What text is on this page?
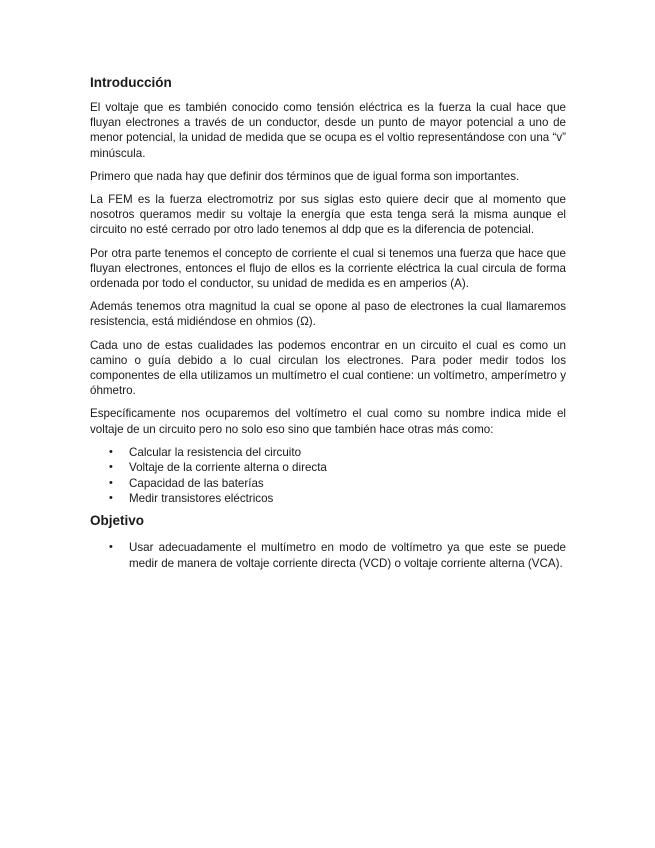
Introducción

El voltaje que es también conocido como tensión eléctrica es la fuerza la cual hace que fluyan electrones a través de un conductor, desde un punto de mayor potencial a uno de menor potencial, la unidad de medida que se ocupa es el voltio representándose con una “v” minúscula.

Primero que nada hay que definir dos términos que de igual forma son importantes.

La FEM es la fuerza electromotriz por sus siglas esto quiere decir que al momento que nosotros queramos medir su voltaje la energía que esta tenga será la misma aunque el circuito no esté cerrado por otro lado tenemos al ddp que es la diferencia de potencial.

Por otra parte tenemos el concepto de corriente el cual si tenemos una fuerza que hace que fluyan electrones, entonces el flujo de ellos es la corriente eléctrica la cual circula de forma ordenada por todo el conductor, su unidad de medida es en amperios (A).

Además tenemos otra magnitud la cual se opone al paso de electrones la cual llamaremos resistencia, está midiéndose en ohmios (Ω).

Cada uno de estas cualidades las podemos encontrar en un circuito el cual es como un camino o guía debido a lo cual circulan los electrones. Para poder medir todos los componentes de ella utilizamos un multímetro el cual contiene: un voltímetro, amperímetro y óhmetro.

Específicamente nos ocuparemos del voltímetro el cual como su nombre indica mide el voltaje de un circuito pero no solo eso sino que también hace otras más como:

• Calcular la resistencia del circuito
• Voltaje de la corriente alterna o directa
• Capacidad de las baterías
• Medir transistores eléctricos
Objetivo
• Usar adecuadamente el multímetro en modo de voltímetro ya que este se puede medir de manera de voltaje corriente directa (VCD) o voltaje corriente alterna (VCA).
